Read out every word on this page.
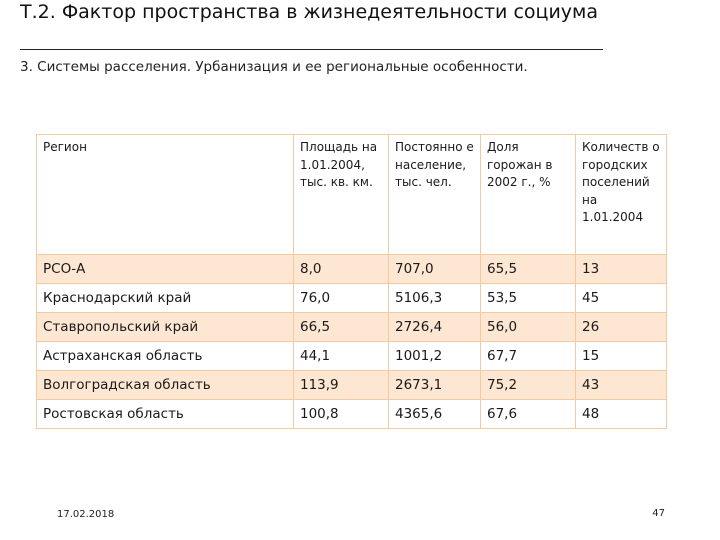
Т.2. Фактор пространства в жизнедеятельности социума
3. Системы расселения. Урбанизация и ее региональные особенности.
Регион	Площадь на 1.01.2004, тыс. кв. км.	Постоянно е население, тыс. чел.	Доля горожан в 2002 г., %	Количеств о городских поселений на 1.01.2004
РСО-А	8,0	707,0	65,5	13
Краснодарский край	76,0	5106,3	53,5	45
Ставропольский край	66,5	2726,4	56,0	26
Астраханская область	44,1	1001,2	67,7	15
Волгоградская область	113,9	2673,1	75,2	43
Ростовская область	100,8	4365,6	67,6	48
17.02.2018	47
